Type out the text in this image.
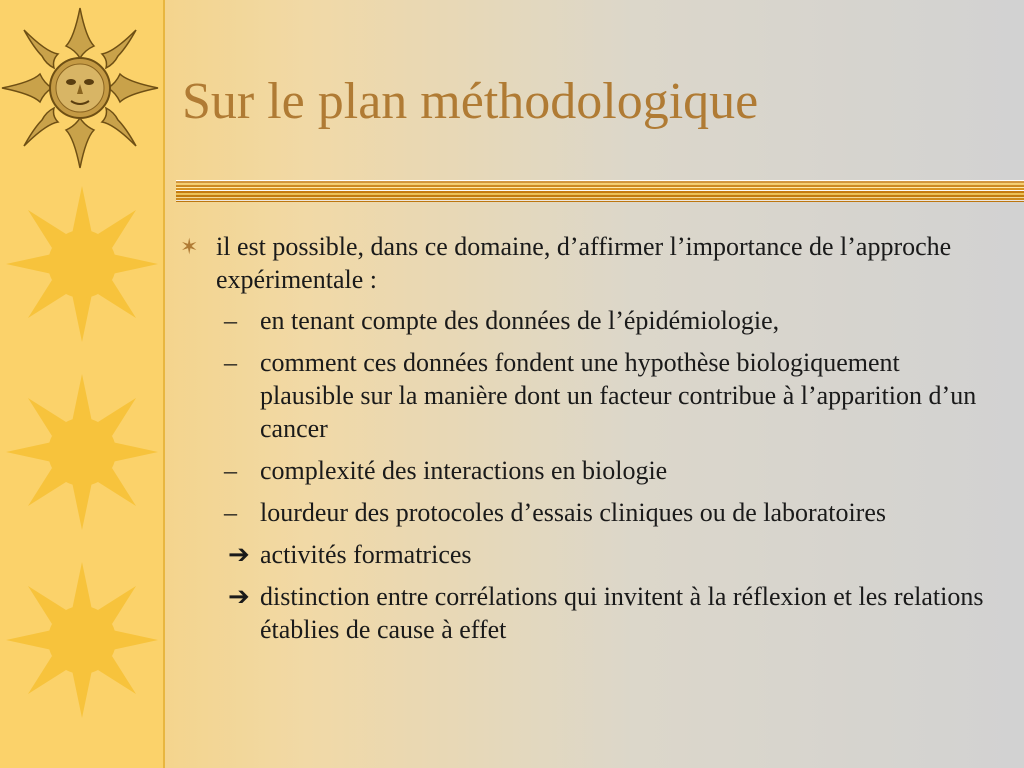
Sur le plan méthodologique
✶ il est possible, dans ce domaine, d’affirmer l’importance de l’approche expérimentale :
– en tenant compte des données de l’épidémiologie,
– comment ces données fondent une hypothèse biologiquement plausible sur la manière dont un facteur contribue à l’apparition d’un cancer
– complexité des interactions en biologie
– lourdeur des protocoles d’essais cliniques ou de laboratoires
➔ activités formatrices
➔ distinction entre corrélations qui invitent à la réflexion et les relations établies de cause à effet
